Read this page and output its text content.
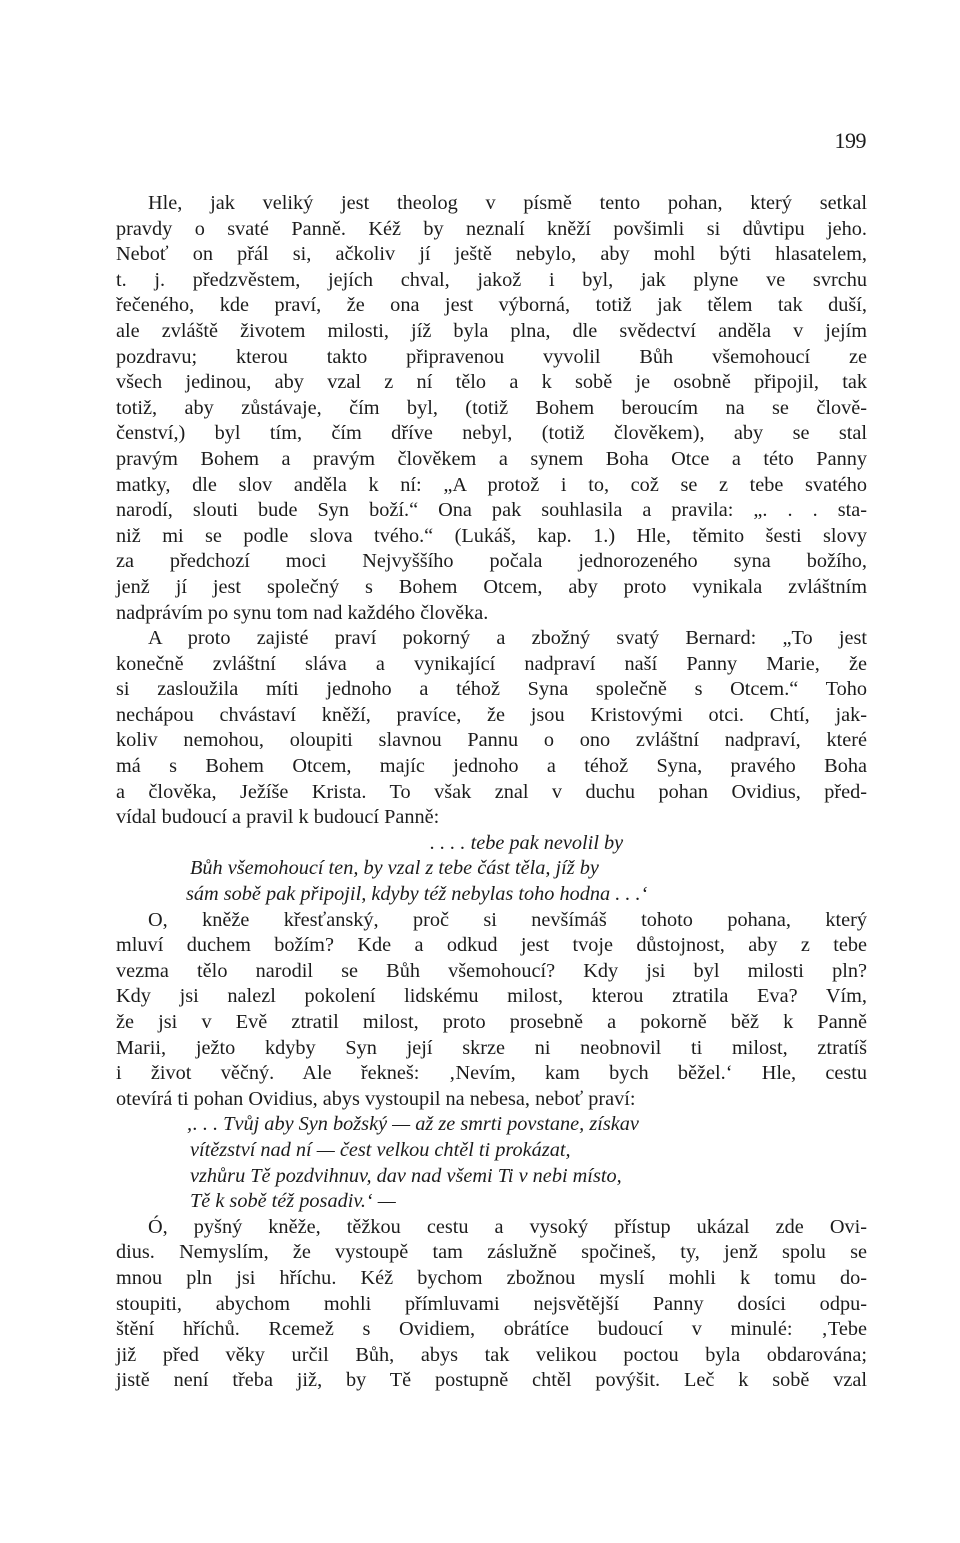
199
Hle, jak veliký jest theolog v písmě tento pohan, který setkal
pravdy o svaté Panně. Kéž by neznalí kněží povšimli si důvtipu jeho.
Neboť on přál si, ačkoliv jí ještě nebylo, aby mohl býti hlasatelem,
t. j. předzvěstem, jejích chval, jakož i byl, jak plyne ve svrchu
řečeného, kde praví, že ona jest výborná, totiž jak tělem tak duší,
ale zvláště životem milosti, jíž byla plna, dle svědectví anděla v jejím
pozdravu; kterou takto připravenou vyvolil Bůh všemohoucí ze
všech jedinou, aby vzal z ní tělo a k sobě je osobně připojil, tak
totiž, aby zůstávaje, čím byl, (totiž Bohem beroucím na se člově-
čenství,) byl tím, čím dříve nebyl, (totiž člověkem), aby se stal
pravým Bohem a pravým člověkem a synem Boha Otce a této Panny
matky, dle slov anděla k ní: „A protož i to, což se z tebe svatého
narodí, slouti bude Syn boží.“ Ona pak souhlasila a pravila: „. . . sta-
niž mi se podle slova tvého.“ (Lukáš, kap. 1.) Hle, těmito šesti slovy
za předchozí moci Nejvyššího počala jednorozeného syna božího,
jenž jí jest společný s Bohem Otcem, aby proto vynikala zvláštním
nadprávím po synu tom nad každého člověka.
A proto zajisté praví pokorný a zbožný svatý Bernard: „To jest
konečně zvláštní sláva a vynikající nadpraví naší Panny Marie, že
si zasloužila míti jednoho a téhož Syna společně s Otcem.“ Toho
nechápou chvástaví kněží, pravíce, že jsou Kristovými otci. Chtí, jak-
koliv nemohou, oloupiti slavnou Pannu o ono zvláštní nadpraví, které
má s Bohem Otcem, majíc jednoho a téhož Syna, pravého Boha
a člověka, Ježíše Krista. To však znal v duchu pohan Ovidius, před-
vídal budoucí a pravil k budoucí Panně:
. . . . tebe pak nevolil by
Bůh všemohoucí ten, by vzal z tebe část těla, jíž by
sám sobě pak připojil, kdyby též nebylas toho hodna . . .‘
O, kněže křesťanský, proč si nevšímáš tohoto pohana, který
mluví duchem božím? Kde a odkud jest tvoje důstojnost, aby z tebe
vezma tělo narodil se Bůh všemohoucí? Kdy jsi byl milosti pln?
Kdy jsi nalezl pokolení lidskému milost, kterou ztratila Eva? Vím,
že jsi v Evě ztratil milost, proto prosebně a pokorně běž k Panně
Marii, ježto kdyby Syn její skrze ni neobnovil ti milost, ztratíš
i život věčný. Ale řekneš: ‚Nevím, kam bych běžel.‘ Hle, cestu
otevírá ti pohan Ovidius, abys vystoupil na nebesa, neboť praví:
‚. . . Tvůj aby Syn božský — až ze smrti povstane, získav
vítězství nad ní — čest velkou chtěl ti prokázat,
vzhůru Tě pozdvihnuv, dav nad všemi Ti v nebi místo,
Tě k sobě též posadiv.‘ —
Ó, pyšný kněže, těžkou cestu a vysoký přístup ukázal zde Ovi-
dius. Nemyslím, že vystoupě tam záslužně spočineš, ty, jenž spolu se
mnou pln jsi hříchu. Kéž bychom zbožnou myslí mohli k tomu do-
stoupiti, abychom mohli přímluvami nejsvětější Panny dosíci odpu-
štění hříchů. Rcemež s Ovidiem, obrátíce budoucí v minulé: ‚Tebe
již před věky určil Bůh, abys tak velikou poctou byla obdarována;
jistě není třeba již, by Tě postupně chtěl povýšit. Leč k sobě vzal
